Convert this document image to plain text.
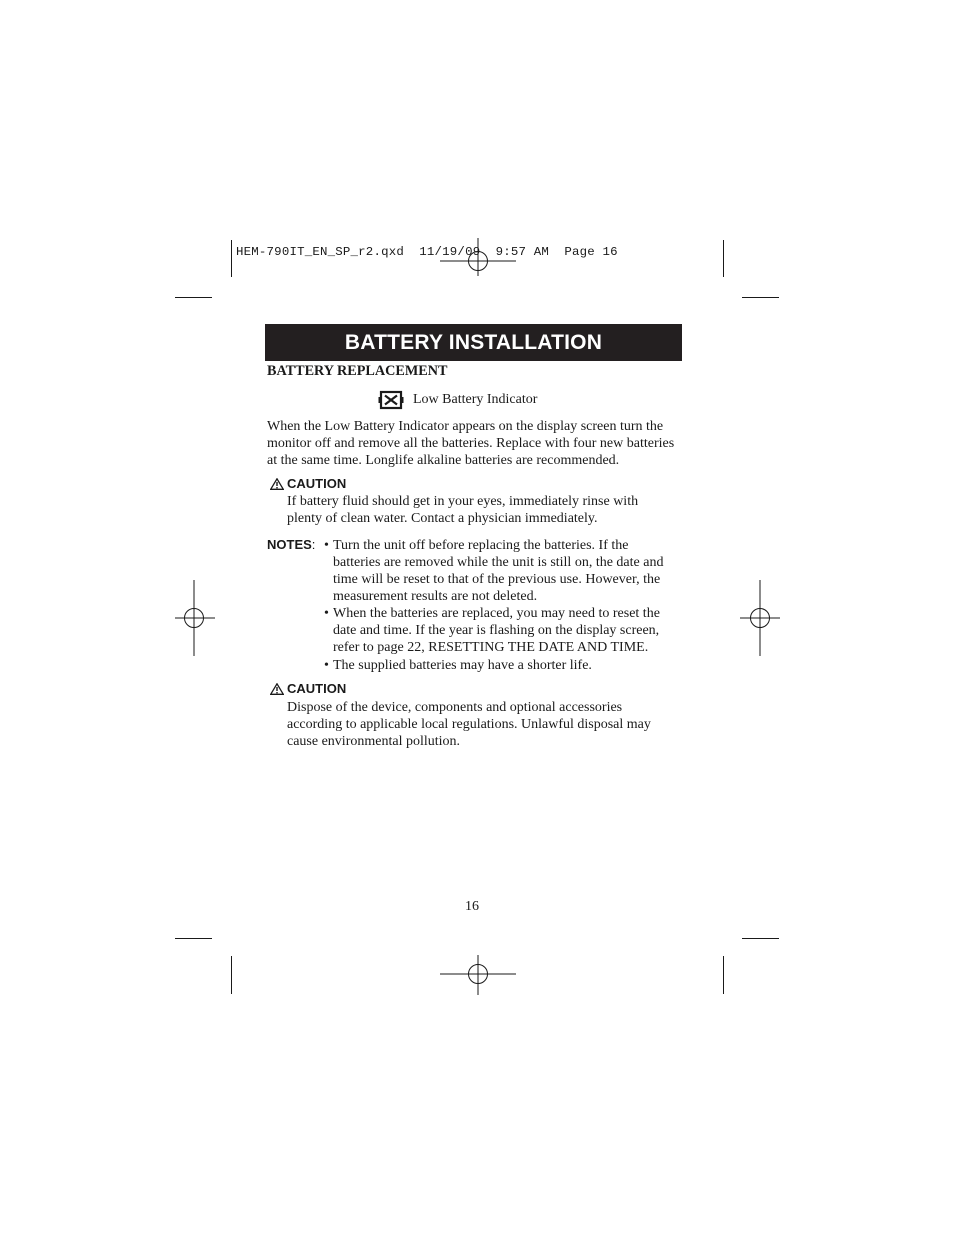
HEM-790IT_EN_SP_r2.qxd  11/19/09  9:57 AM  Page 16
BATTERY INSTALLATION
BATTERY REPLACEMENT
Low Battery Indicator
When the Low Battery Indicator appears on the display screen turn the
monitor off and remove all the batteries. Replace with four new batteries
at the same time. Longlife alkaline batteries are recommended.
CAUTION
If battery fluid should get in your eyes, immediately rinse with
plenty of clean water. Contact a physician immediately.
NOTES: • Turn the unit off before replacing the batteries. If the
batteries are removed while the unit is still on, the date and
time will be reset to that of the previous use. However, the
measurement results are not deleted.
• When the batteries are replaced, you may need to reset the
date and time. If the year is flashing on the display screen,
refer to page 22, RESETTING THE DATE AND TIME.
• The supplied batteries may have a shorter life.
CAUTION
Dispose of the device, components and optional accessories
according to applicable local regulations. Unlawful disposal may
cause environmental pollution.
16
